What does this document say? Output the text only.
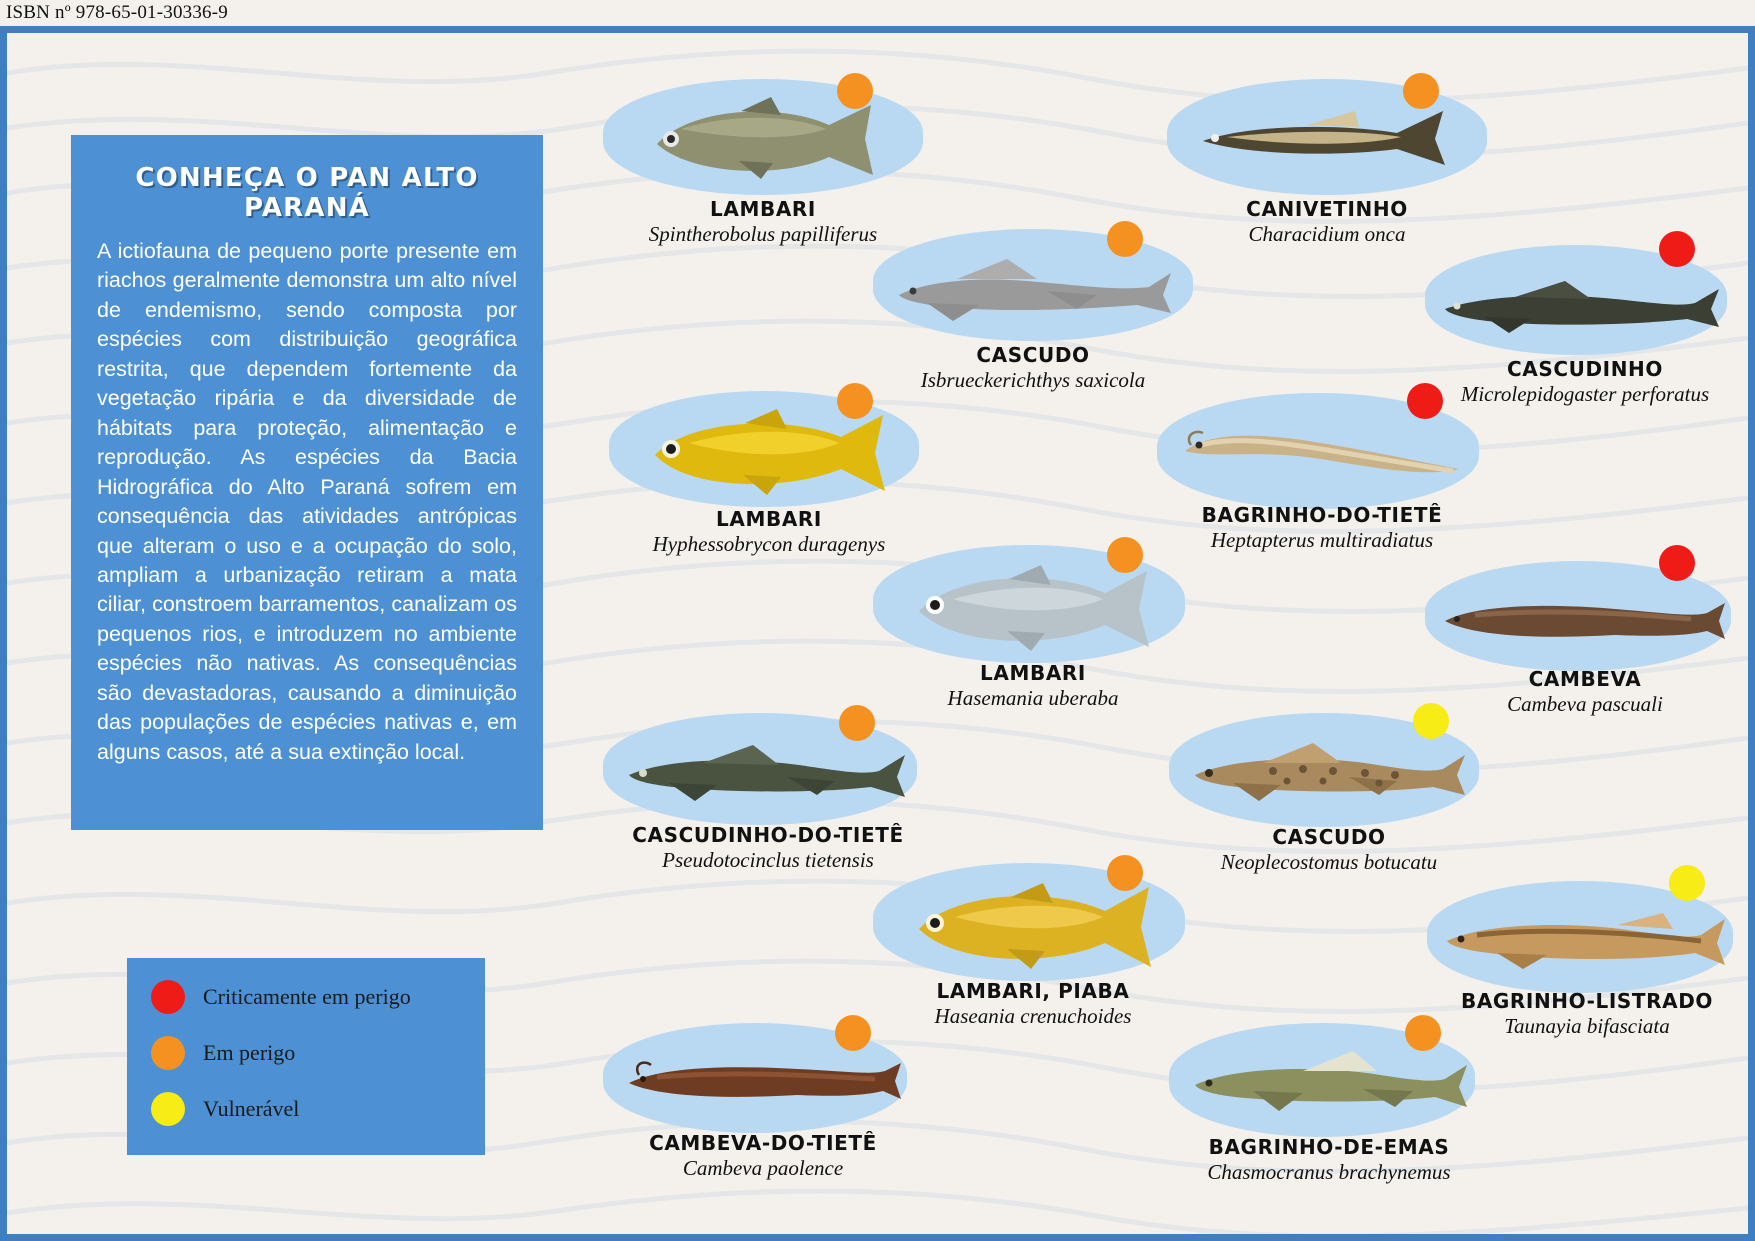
ISBN nº 978-65-01-30336-9
CONHEÇA O PAN ALTO PARANÁ

A ictiofauna de pequeno porte presente em riachos geralmente demonstra um alto nível de endemismo, sendo composta por espécies com distribuição geográfica restrita, que dependem fortemente da vegetação ripária e da diversidade de hábitats para proteção, alimentação e reprodução. As espécies da Bacia Hidrográfica do Alto Paraná sofrem em consequência das atividades antrópicas que alteram o uso e a ocupação do solo, ampliam a urbanização retiram a mata ciliar, constroem barramentos, canalizam os pequenos rios, e introduzem no ambiente espécies não nativas. As consequências são devastadoras, causando a diminuição das populações de espécies nativas e, em alguns casos, até a sua extinção local.

Criticamente em perigo
Em perigo
Vulnerável
LAMBARI
Spintherobolus papilliferus
CANIVETINHO
Characidium onca
CASCUDO
Isbrueckerichthys saxicola	CASCUDINHO
Microlepidogaster perforatus
LAMBARI
Hyphessobrycon duragenys
BAGRINHO-DO-TIETÊ
Heptapterus multiradiatus
LAMBARI
Hasemania uberaba
CAMBEVA
Cambeva pascuali
CASCUDINHO-DO-TIETÊ
Pseudotocinclus tietensis
CASCUDO
Neoplecostomus botucatu
LAMBARI, PIABA
Haseania crenuchoides
BAGRINHO-LISTRADO
Taunayia bifasciata
CAMBEVA-DO-TIETÊ
Cambeva paolence
BAGRINHO-DE-EMAS
Chasmocranus brachynemus
